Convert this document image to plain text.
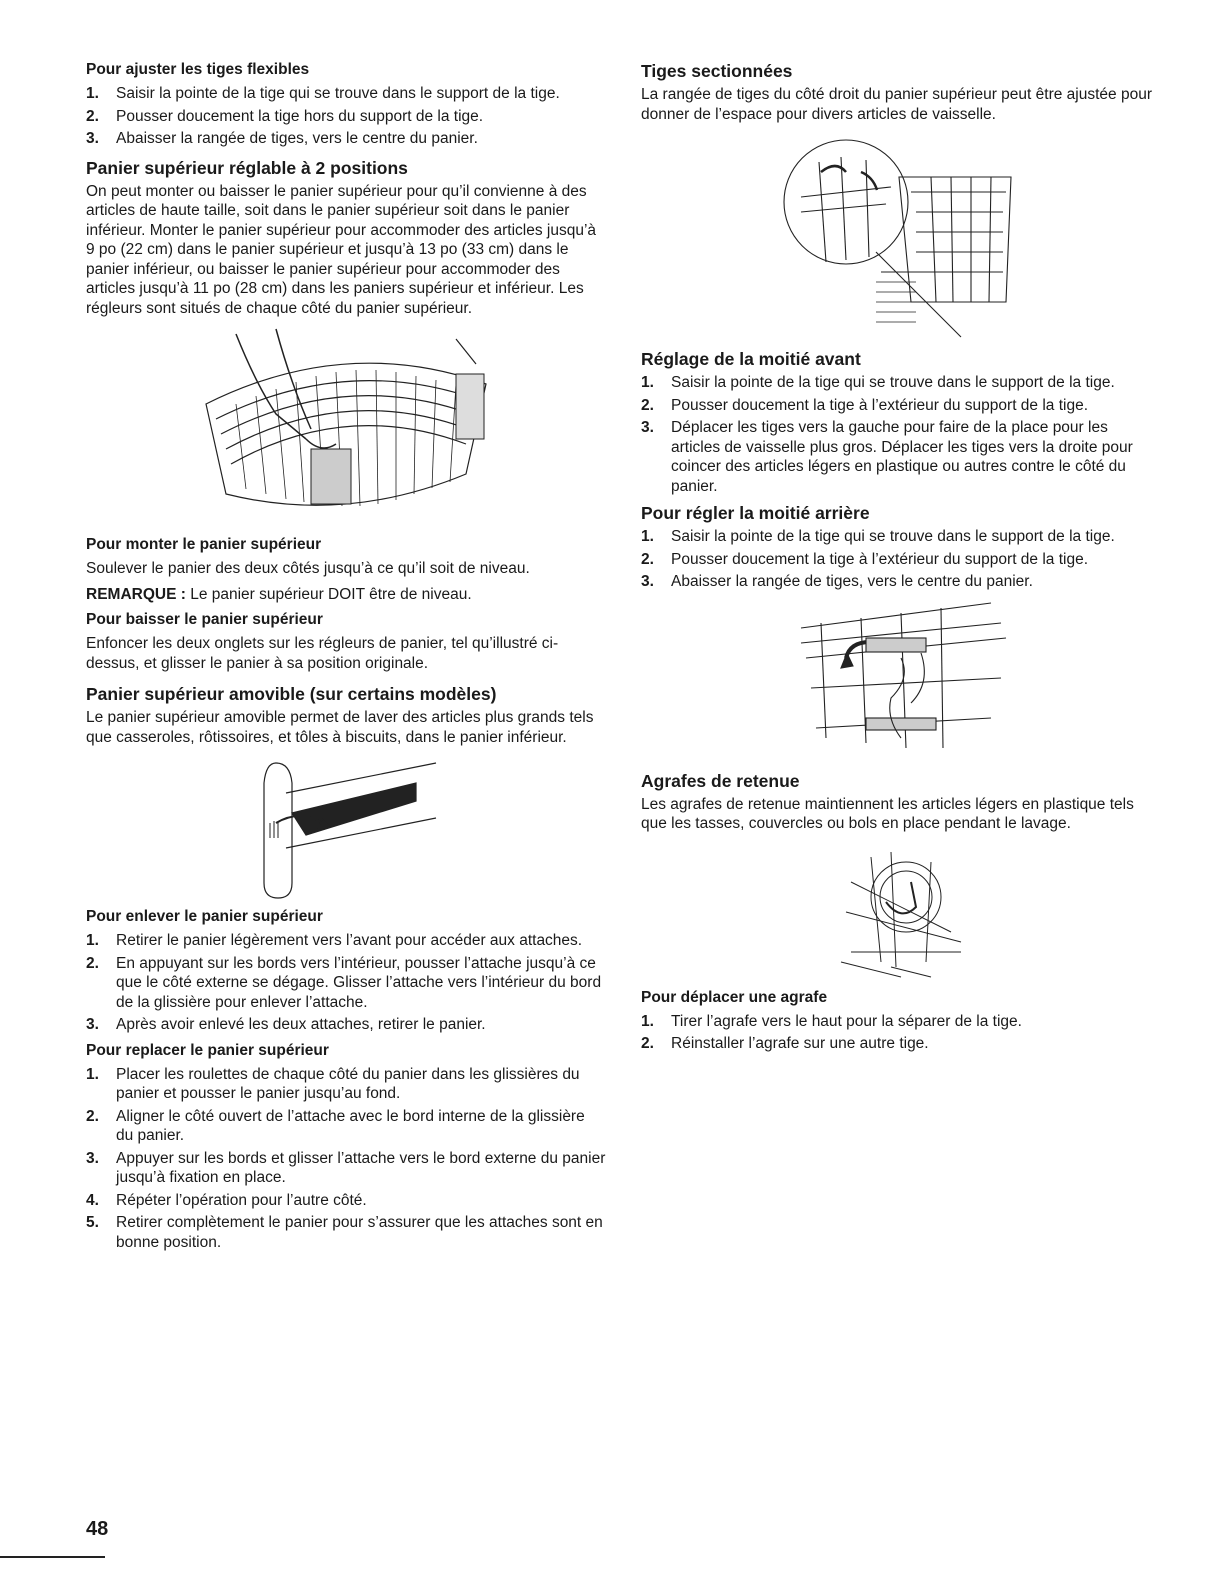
Pour ajuster les tiges flexibles
1. Saisir la pointe de la tige qui se trouve dans le support de la tige.
2. Pousser doucement la tige hors du support de la tige.
3. Abaisser la rangée de tiges, vers le centre du panier.
Panier supérieur réglable à 2 positions
On peut monter ou baisser le panier supérieur pour qu’il convienne à des articles de haute taille, soit dans le panier supérieur soit dans le panier inférieur. Monter le panier supérieur pour accommoder des articles jusqu’à 9 po (22 cm) dans le panier supérieur et jusqu’à 13 po (33 cm) dans le panier inférieur, ou baisser le panier supérieur pour accommoder des articles jusqu’à 11 po (28 cm) dans les paniers supérieur et inférieur. Les régleurs sont situés de chaque côté du panier supérieur.
Pour monter le panier supérieur
Soulever le panier des deux côtés jusqu’à ce qu’il soit de niveau.
REMARQUE : Le panier supérieur DOIT être de niveau.
Pour baisser le panier supérieur
Enfoncer les deux onglets sur les régleurs de panier, tel qu’illustré ci-dessus, et glisser le panier à sa position originale.
Panier supérieur amovible (sur certains modèles)
Le panier supérieur amovible permet de laver des articles plus grands tels que casseroles, rôtissoires, et tôles à biscuits, dans le panier inférieur.
Pour enlever le panier supérieur
1. Retirer le panier légèrement vers l’avant pour accéder aux attaches.
2. En appuyant sur les bords vers l’intérieur, pousser l’attache jusqu’à ce que le côté externe se dégage. Glisser l’attache vers l’intérieur du bord de la glissière pour enlever l’attache.
3. Après avoir enlevé les deux attaches, retirer le panier.
Pour replacer le panier supérieur
1. Placer les roulettes de chaque côté du panier dans les glissières du panier et pousser le panier jusqu’au fond.
2. Aligner le côté ouvert de l’attache avec le bord interne de la glissière du panier.
3. Appuyer sur les bords et glisser l’attache vers le bord externe du panier jusqu’à fixation en place.
4. Répéter l’opération pour l’autre côté.
5. Retirer complètement le panier pour s’assurer que les attaches sont en bonne position.
Tiges sectionnées
La rangée de tiges du côté droit du panier supérieur peut être ajustée pour donner de l’espace pour divers articles de vaisselle.
Réglage de la moitié avant
1. Saisir la pointe de la tige qui se trouve dans le support de la tige.
2. Pousser doucement la tige à l’extérieur du support de la tige.
3. Déplacer les tiges vers la gauche pour faire de la place pour les articles de vaisselle plus gros. Déplacer les tiges vers la droite pour coincer des articles légers en plastique ou autres contre le côté du panier.
Pour régler la moitié arrière
1. Saisir la pointe de la tige qui se trouve dans le support de la tige.
2. Pousser doucement la tige à l’extérieur du support de la tige.
3. Abaisser la rangée de tiges, vers le centre du panier.
Agrafes de retenue
Les agrafes de retenue maintiennent les articles légers en plastique tels que les tasses, couvercles ou bols en place pendant le lavage.
Pour déplacer une agrafe
1. Tirer l’agrafe vers le haut pour la séparer de la tige.
2. Réinstaller l’agrafe sur une autre tige.
48
